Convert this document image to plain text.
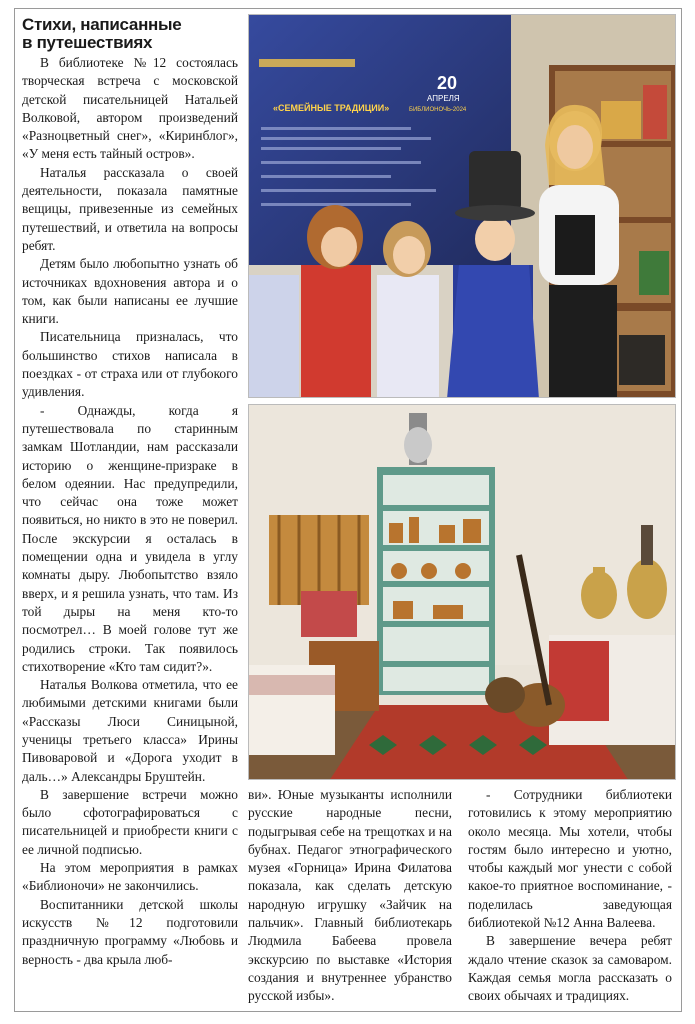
Стихи, написанные
в путешествиях

В библиотеке №12 состоялась творческая встреча с московской детской писательницей Натальей Волковой, автором произведений «Разноцветный снег», «Киринблог», «У меня есть тайный остров».

Наталья рассказала о своей деятельности, показала памятные вещицы, привезенные из семейных путешествий, и ответила на вопросы ребят.

Детям было любопытно узнать об источниках вдохновения автора и о том, как были написаны ее лучшие книги.

Писательница призналась, что большинство стихов написала в поездках - от страха или от глубокого удивления.

- Однажды, когда я путешествовала по старинным замкам Шотландии, нам рассказали историю о женщине-призраке в белом одеянии. Нас предупредили, что сейчас она тоже может появиться, но никто в это не поверил. После экскурсии я осталась в помещении одна и увидела в углу комнаты дыру. Любопытство взяло вверх, и я решила узнать, что там. Из той дыры на меня кто-то посмотрел… В моей голове тут же родились строки. Так появилось стихотворение «Кто там сидит?».

Наталья Волкова отметила, что ее любимыми детскими книгами были «Рассказы Люси Синицыной, ученицы третьего класса» Ирины Пивоваровой и «Дорога уходит в даль…» Александры Бруштейн.

В завершение встречи можно было сфотографироваться с писательницей и приобрести книги с ее личной подписью.

На этом мероприятия в рамках «Библионочи» не закончились.

Воспитанники детской школы искусств №12 подготовили праздничную программу «Любовь и верность - два крыла люб-

«СЕМЕЙНЫЕ ТРАДИЦИИ»
20
АПРЕЛЯ
БИБЛИОНОЧЬ-2024

ви». Юные музыканты исполнили русские народные песни, подыгрывая себе на трещотках и на бубнах. Педагог этнографического музея «Горница» Ирина Филатова показала, как сделать детскую народную игрушку «Зайчик на пальчик». Главный библиотекарь Людмила Бабеева провела экскурсию по выставке «История создания и внутреннее убранство русской избы».

- Сотрудники библиотеки готовились к этому мероприятию около месяца. Мы хотели, чтобы гостям было интересно и уютно, чтобы каждый мог унести с собой какое-то приятное воспоминание, - поделилась заведующая библиотекой №12 Анна Валеева.

В завершение вечера ребят ждало чтение сказок за самоваром. Каждая семья могла рассказать о своих обычаях и традициях.
